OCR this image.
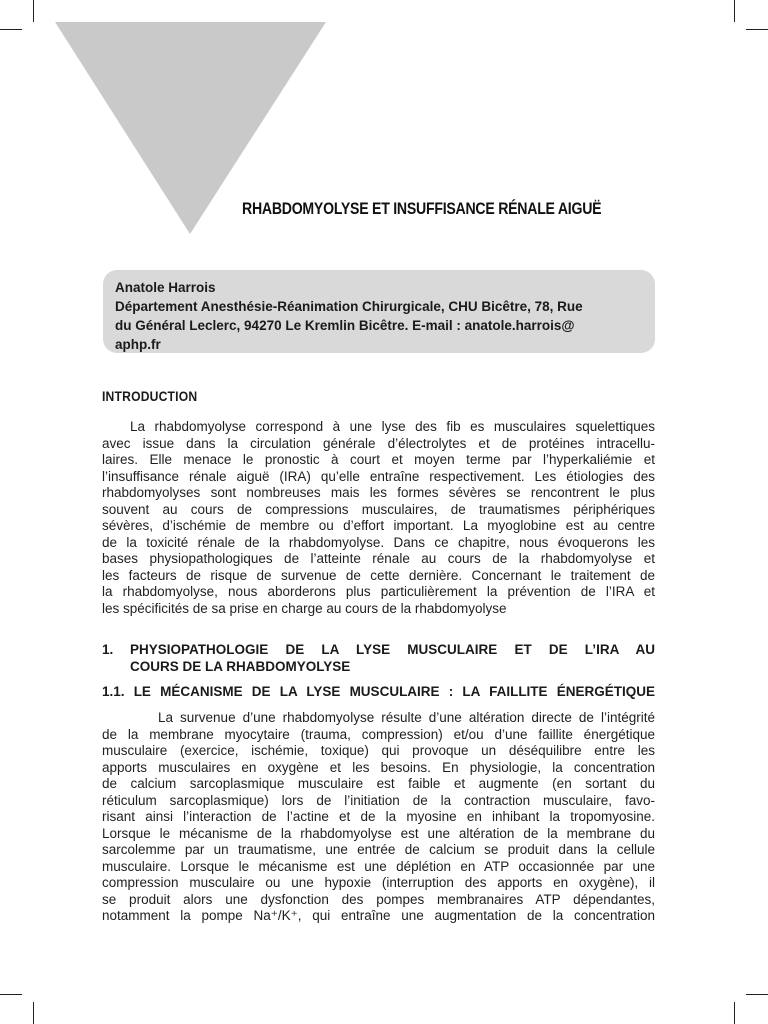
RHABDOMYOLYSE ET INSUFFISANCE RÉNALE AIGUË
Anatole Harrois
Département Anesthésie-Réanimation Chirurgicale, CHU Bicêtre, 78, Rue
du Général Leclerc, 94270 Le Kremlin Bicêtre. E-mail : anatole.harrois@
aphp.fr
INTRODUCTION
La rhabdomyolyse correspond à une lyse des fib es musculaires squelettiques
avec issue dans la circulation générale d’électrolytes et de protéines intracellu-
laires. Elle menace le pronostic à court et moyen terme par l’hyperkaliémie et
l’insuffisance rénale aiguë (IRA) qu’elle entraîne respectivement. Les étiologies des
rhabdomyolyses sont nombreuses mais les formes sévères se rencontrent le plus
souvent au cours de compressions musculaires, de traumatismes périphériques
sévères, d’ischémie de membre ou d’effort important. La myoglobine est au centre
de la toxicité rénale de la rhabdomyolyse. Dans ce chapitre, nous évoquerons les
bases physiopathologiques de l’atteinte rénale au cours de la rhabdomyolyse et
les facteurs de risque de survenue de cette dernière. Concernant le traitement de
la rhabdomyolyse, nous aborderons plus particulièrement la prévention de l’IRA et
les spécificités de sa prise en charge au cours de la rhabdomyolyse
1. PHYSIOPATHOLOGIE DE LA LYSE MUSCULAIRE ET DE L’IRA AU
COURS DE LA RHABDOMYOLYSE
1.1. LE MÉCANISME DE LA LYSE MUSCULAIRE : LA FAILLITE ÉNERGÉTIQUE
La survenue d’une rhabdomyolyse résulte d’une altération directe de l’intégrité
de la membrane myocytaire (trauma, compression) et/ou d’une faillite énergétique
musculaire (exercice, ischémie, toxique) qui provoque un déséquilibre entre les
apports musculaires en oxygène et les besoins. En physiologie, la concentration
de calcium sarcoplasmique musculaire est faible et augmente (en sortant du
réticulum sarcoplasmique) lors de l’initiation de la contraction musculaire, favo-
risant ainsi l’interaction de l’actine et de la myosine en inhibant la tropomyosine.
Lorsque le mécanisme de la rhabdomyolyse est une altération de la membrane du
sarcolemme par un traumatisme, une entrée de calcium se produit dans la cellule
musculaire. Lorsque le mécanisme est une déplétion en ATP occasionnée par une
compression musculaire ou une hypoxie (interruption des apports en oxygène), il
se produit alors une dysfonction des pompes membranaires ATP dépendantes,
notamment la pompe Na⁺/K⁺, qui entraîne une augmentation de la concentration
